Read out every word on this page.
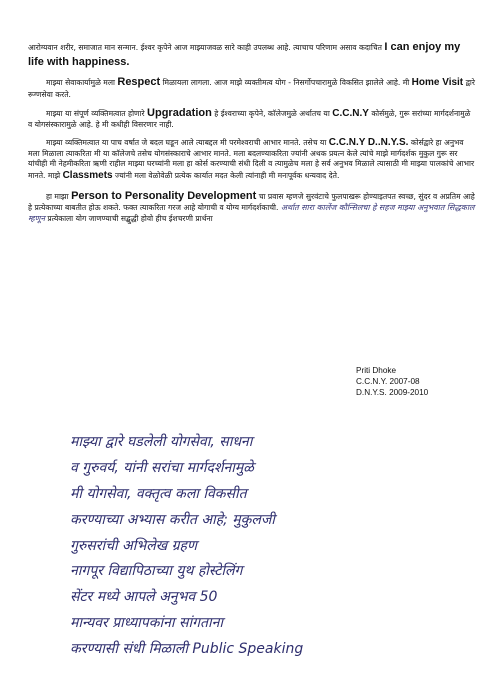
आरोग्यवान शरीर, समाजात मान सन्मान. ईश्वर कृपेने आज माझ्याजवळ सारे काही उपलब्ध आहे. त्याचाच परिणाम असाव कदाचित I can enjoy my life with happiness.

माझ्या सेवाकार्यामुळे मला Respect मिळायला लागला. आज माझे व्यक्तीमत्व योग - निसर्गोपचारामुळे विकसित झालेले आहे. मी Home Visit द्वारे रूग्णसेवा करते.

माझ्या या संपूर्ण व्यक्तिमत्वात होणारे Upgradation हे ईश्वराच्या कृपेने, कॉलेजमुळे अर्थातच या C.C.N.Y कोर्समुळे, गुरू सरांच्या मार्गदर्शनामुळे व योगसंस्कारामुळे आहे. हे मी कधीही विसरणार नाही.

माझ्या व्यक्तिमत्वात या पाच वर्षात जे बदल घडून आले त्याबद्दल मी परमेश्वराची आभार मानते. तसेच या C.C.N.Y D..N.Y.S. कोर्सद्वारे हा अनुभव मला मिळाला त्याकरिता मी या कॉलेजचे तसेच योगसंस्काराचे आभार मानते. मला बदलण्याकरिता ज्यांनी अथक प्रयत्न केले त्यांचे माझे मार्गदर्शक मुकुल गुरू सर यांचीही मी नेहमीकरिता ऋणी राहील माझ्या घरच्यांनी मला हा कोर्स करण्याची संधी दिली व त्यामुळेच मला हे सर्व अनुभव मिळाले त्यासाठी मी माझ्या पालकांचे आभार मानते. माझे Classmets ज्यांनी मला वेळोवेळी प्रत्येक कार्यात मदत केली त्यांनाही मी मनःपूर्वक धन्यवाद देते.

हा माझा Person to Personality Development चा प्रवास म्हणजे सुरवंटाचे फुलपाखरू होण्याइतपत स्वच्छ, सुंदर व अप्रतिम आहे हे प्रत्येकाच्या बाबतीत होऊ शकते. फक्त त्याकरिता गरज आहे योगाची व योग्य मार्गदर्शकाची. अर्थात सारा कालेंज कौन्सिलचा हे सहज माझ्या अनुभवात सिद्धकाल म्हणून प्रत्येकाला योग जाणण्याची सद्बुद्धी होवो हीच ईशचरणी प्रार्थना

Priti Dhoke
C.C.N.Y. 2007-08
D.N.Y.S. 2009-2010
माझ्या द्वारे घडलेली योगसेवा, साधना
व गुरुवर्य, यांनी सरांचा मार्गदर्शनामुळे
मी योगसेवा, वक्तृत्व कला विकसीत
करण्याच्या अभ्यास करीत आहे; मुकुलजी
गुरुसरांची अभिलेख ग्रहण
नागपूर विद्यापिठाच्या युथ होस्टेलिंग
सेंटर मध्ये आपले अनुभव 50
मान्यवर प्राध्यापकांना सांगताना
करण्यासी संधी मिळाली Public Speaking
